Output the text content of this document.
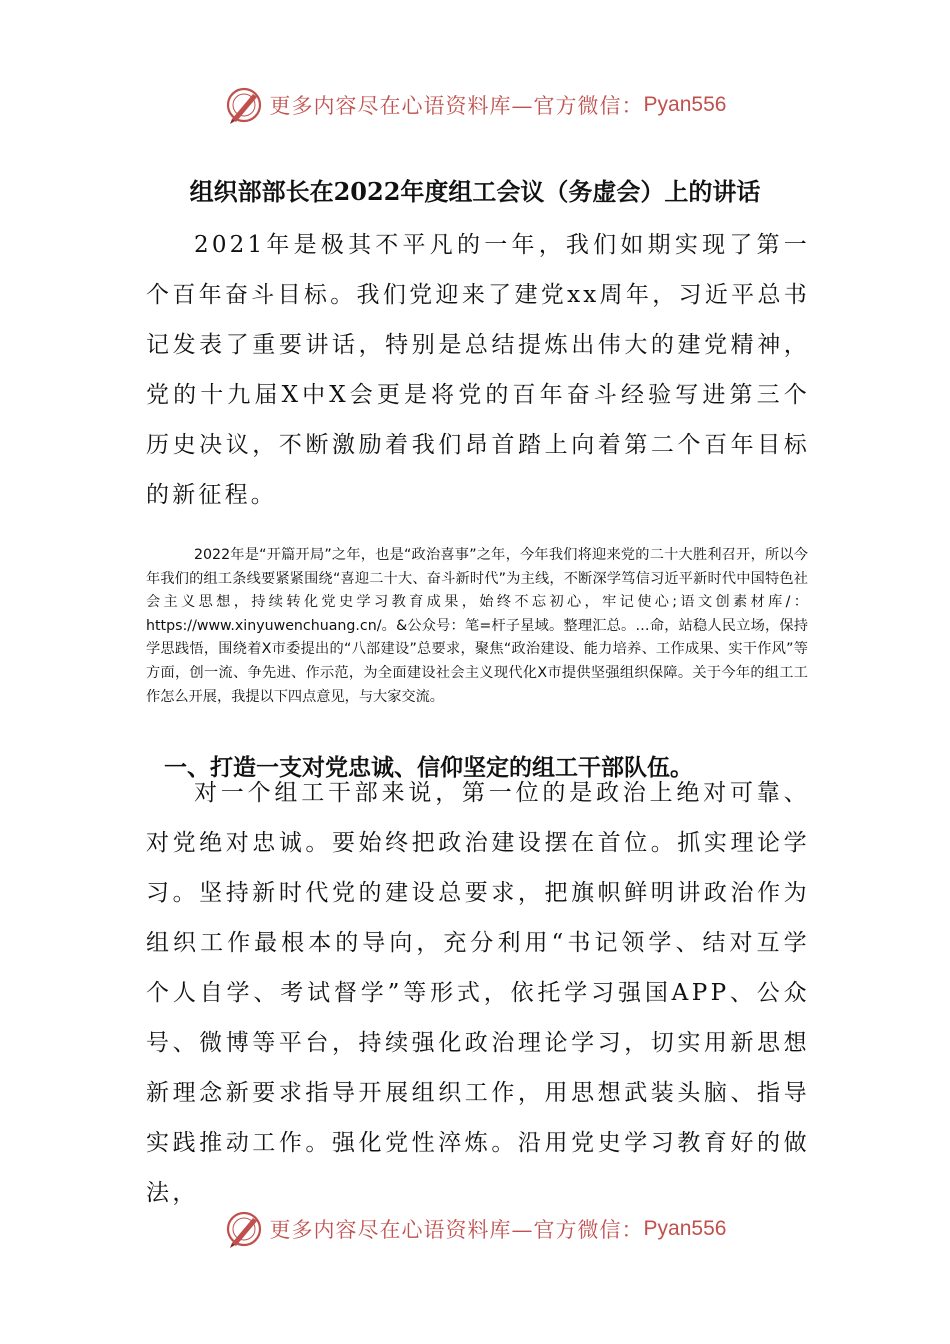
更多内容尽在心语资料库—官方微信： Pyan556
组织部部长在2022年度组工会议（务虚会）上的讲话

2021年是极其不平凡的一年，我们如期实现了第一个百年奋斗目标。我们党迎来了建党xx周年，习近平总书记发表了重要讲话，特别是总结提炼出伟大的建党精神，党的十九届X中X会更是将党的百年奋斗经验写进第三个历史决议，不断激励着我们昂首踏上向着第二个百年目标的新征程。

2022年是“开篇开局”之年，也是“政治喜事”之年，今年我们将迎来党的二十大胜利召开，所以今年我们的组工条线要紧紧围绕“喜迎二十大、奋斗新时代”为主线，不断深学笃信习近平新时代中国特色社会主义思想，持续转化党史学习教育成果，始终不忘初心，牢记使心;语文创素材库/：https://www.xinyuwenchuang.cn/。&公众号：笔=杆子星域。整理汇总。…命，站稳人民立场，保持学思践悟，围绕着X市委提出的“八部建设”总要求，聚焦“政治建设、能力培养、工作成果、实干作风”等方面，创一流、争先进、作示范，为全面建设社会主义现代化X市提供坚强组织保障。关于今年的组工工作怎么开展，我提以下四点意见，与大家交流。

一、打造一支对党忠诚、信仰坚定的组工干部队伍。

对一个组工干部来说，第一位的是政治上绝对可靠、对党绝对忠诚。要始终把政治建设摆在首位。抓实理论学习。坚持新时代党的建设总要求，把旗帜鲜明讲政治作为组织工作最根本的导向，充分利用“书记领学、结对互学个人自学、考试督学”等形式，依托学习强国APP、公众号、微博等平台，持续强化政治理论学习，切实用新思想新理念新要求指导开展组织工作，用思想武装头脑、指导实践推动工作。强化党性淬炼。沿用党史学习教育好的做法，

更多内容尽在心语资料库—官方微信： Pyan556
